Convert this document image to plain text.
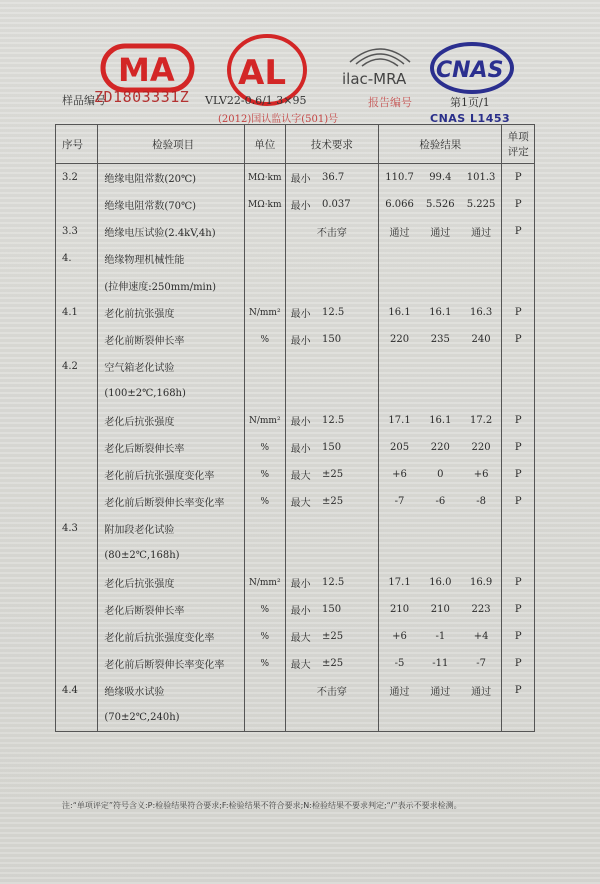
MA AL	ilac-MRA CNAS
样品编号
ZD1803331Z VLV22-0.6/1 3×95	报告编号	第1页/1
(2012)国认监认字(501)号	CNAS L1453
序号	检验项目	单位	技术要求		检验结果			单项评定
3.2	绝缘电阻常数(20℃)	MΩ·km	最小	36.7	110.7	99.4	101.3	P
	绝缘电阻常数(70℃)	MΩ·km	最小	0.037	6.066	5.526	5.225	P
3.3	绝缘电压试验(2.4kV,4h)		不击穿		通过	通过	通过	P
4.	绝缘物理机械性能							
	(拉伸速度:250mm/min)							
4.1	老化前抗张强度	N/mm²	最小	12.5	16.1	16.1	16.3	P
	老化前断裂伸长率	%	最小	150	220	235	240	P
4.2	空气箱老化试验							
	(100±2℃,168h)							
	老化后抗张强度	N/mm²	最小	12.5	17.1	16.1	17.2	P
	老化后断裂伸长率	%	最小	150	205	220	220	P
	老化前后抗张强度变化率	%	最大	±25	+6	0	+6	P
	老化前后断裂伸长率变化率	%	最大	±25	-7	-6	-8	P
4.3	附加段老化试验							
	(80±2℃,168h)							
	老化后抗张强度	N/mm²	最小	12.5	17.1	16.0	16.9	P
	老化后断裂伸长率	%	最小	150	210	210	223	P
	老化前后抗张强度变化率	%	最大	±25	+6	-1	+4	P
	老化前后断裂伸长率变化率	%	最大	±25	-5	-11	-7	P
4.4	绝缘吸水试验		不击穿		通过	通过	通过	P
	(70±2℃,240h)							
注:“单项评定”符号含义:P:检验结果符合要求;F:检验结果不符合要求;N:检验结果不要求判定;“/”表示不要求检测。
